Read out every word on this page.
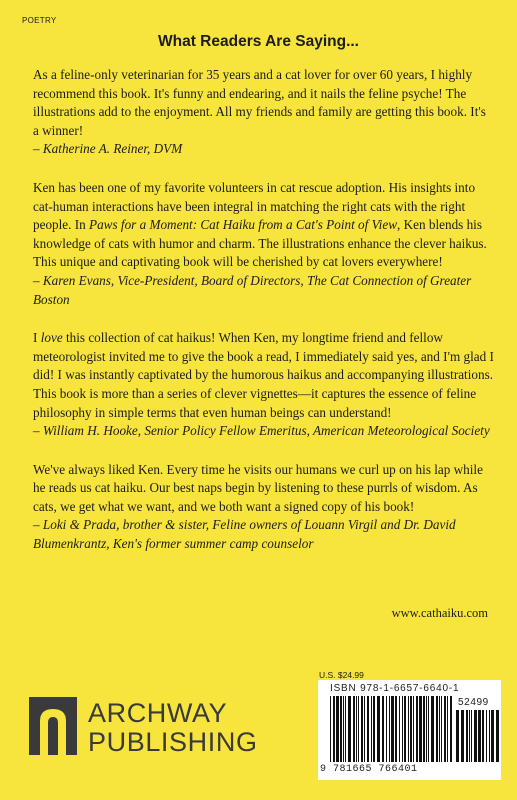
POETRY
What Readers Are Saying...

As a feline-only veterinarian for 35 years and a cat lover for over 60 years, I highly recommend this book. It's funny and endearing, and it nails the feline psyche! The illustrations add to the enjoyment. All my friends and family are getting this book. It's a winner!

– Katherine A. Reiner, DVM

Ken has been one of my favorite volunteers in cat rescue adoption. His insights into cat-human interactions have been integral in matching the right cats with the right people. In Paws for a Moment: Cat Haiku from a Cat's Point of View, Ken blends his knowledge of cats with humor and charm. The illustrations enhance the clever haikus. This unique and captivating book will be cherished by cat lovers everywhere!

– Karen Evans, Vice-President, Board of Directors, The Cat Connection of Greater Boston

I love this collection of cat haikus! When Ken, my longtime friend and fellow meteorologist invited me to give the book a read, I immediately said yes, and I'm glad I did! I was instantly captivated by the humorous haikus and accompanying illustrations. This book is more than a series of clever vignettes—it captures the essence of feline philosophy in simple terms that even human beings can understand!

– William H. Hooke, Senior Policy Fellow Emeritus, American Meteorological Society

We've always liked Ken. Every time he visits our humans we curl up on his lap while he reads us cat haiku. Our best naps begin by listening to these purrls of wisdom. As cats, we get what we want, and we both want a signed copy of his book!

– Loki & Prada, brother & sister, Feline owners of Louann Virgil and Dr. David Blumenkrantz, Ken's former summer camp counselor

www.cathaiku.com
U.S. $24.99
ISBN 978-1-6657-6640-1
52499
9 781665 766401
ARCHWAY
PUBLISHING
